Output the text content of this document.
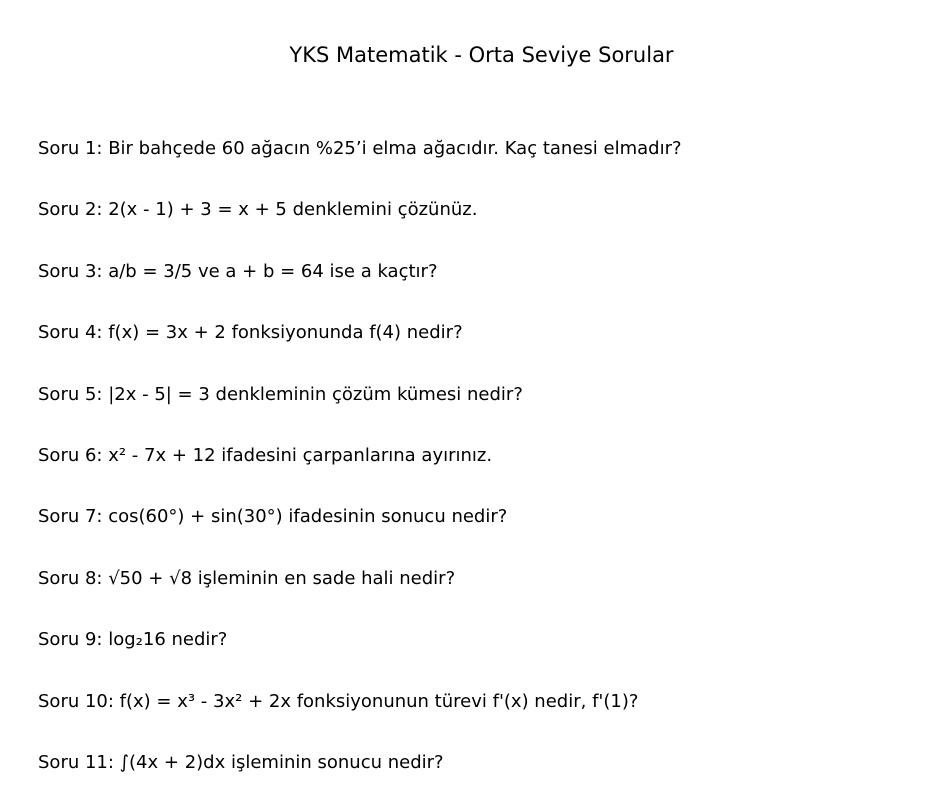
YKS Matematik - Orta Seviye Sorular
Soru 1: Bir bahçede 60 ağacın %25’i elma ağacıdır. Kaç tanesi elmadır?
Soru 2: 2(x - 1) + 3 = x + 5 denklemini çözünüz.
Soru 3: a/b = 3/5 ve a + b = 64 ise a kaçtır?
Soru 4: f(x) = 3x + 2 fonksiyonunda f(4) nedir?
Soru 5: |2x - 5| = 3 denkleminin çözüm kümesi nedir?
Soru 6: x² - 7x + 12 ifadesini çarpanlarına ayırınız.
Soru 7: cos(60°) + sin(30°) ifadesinin sonucu nedir?
Soru 8: √50 + √8 işleminin en sade hali nedir?
Soru 9: log₂16 nedir?
Soru 10: f(x) = x³ - 3x² + 2x fonksiyonunun türevi f'(x) nedir, f'(1)?
Soru 11: ∫(4x + 2)dx işleminin sonucu nedir?
